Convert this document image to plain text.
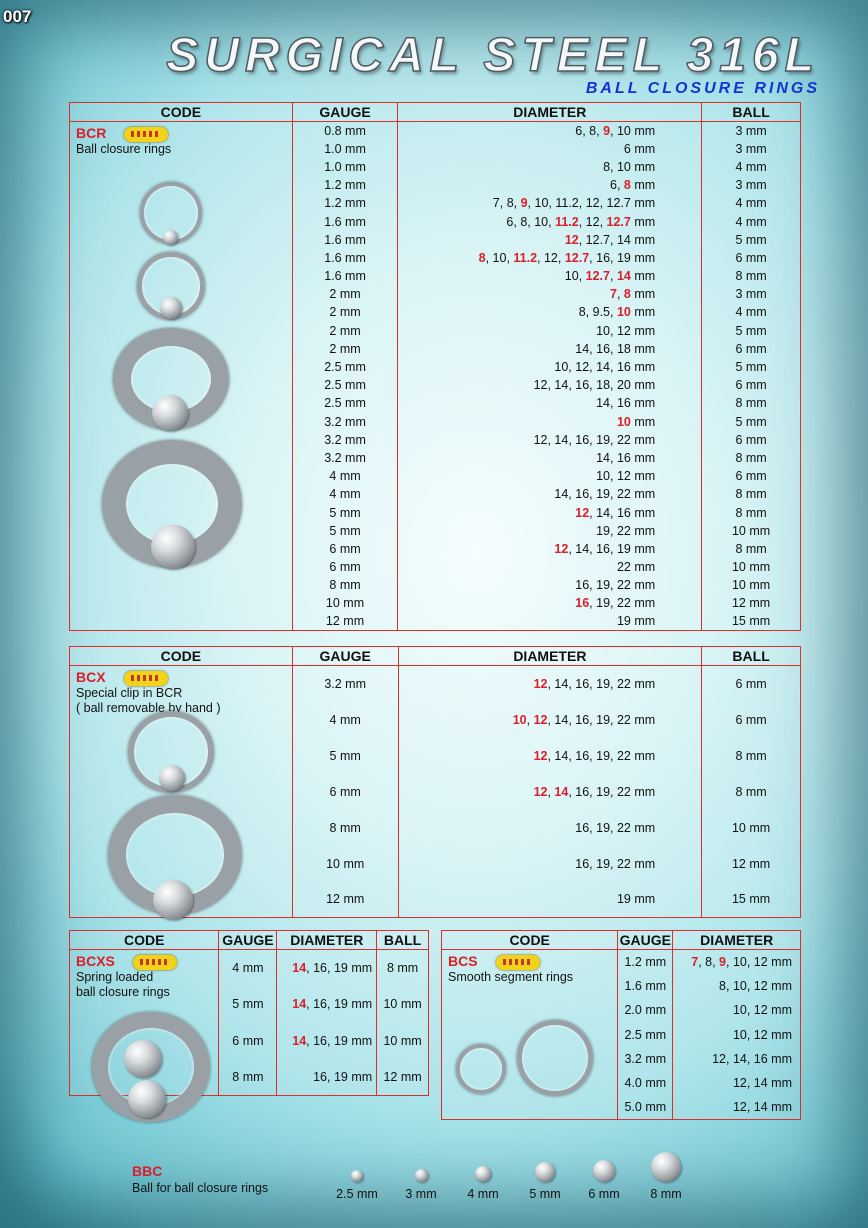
007
SURGICAL STEEL 316L
BALL CLOSURE RINGS
CODE	GAUGE	DIAMETER	BALL
BCR
Ball closure rings	0.8 mm	6, 8, 9, 10 mm	3 mm
	1.0 mm	6 mm	3 mm
	1.0 mm	8, 10 mm	4 mm
	1.2 mm	6, 8 mm	3 mm
	1.2 mm	7, 8, 9, 10, 11.2, 12, 12.7 mm	4 mm
	1.6 mm	6, 8, 10, 11.2, 12, 12.7 mm	4 mm
	1.6 mm	12, 12.7, 14 mm	5 mm
	1.6 mm	8, 10, 11.2, 12, 12.7, 16, 19 mm	6 mm
	1.6 mm	10, 12.7, 14 mm	8 mm
	2 mm	7, 8 mm	3 mm
	2 mm	8, 9.5, 10 mm	4 mm
	2 mm	10, 12 mm	5 mm
	2 mm	14, 16, 18 mm	6 mm
	2.5 mm	10, 12, 14, 16 mm	5 mm
	2.5 mm	12, 14, 16, 18, 20 mm	6 mm
	2.5 mm	14, 16 mm	8 mm
	3.2 mm	10 mm	5 mm
	3.2 mm	12, 14, 16, 19, 22 mm	6 mm
	3.2 mm	14, 16 mm	8 mm
	4 mm	10, 12 mm	6 mm
	4 mm	14, 16, 19, 22 mm	8 mm
	5 mm	12, 14, 16 mm	8 mm
	5 mm	19, 22 mm	10 mm
	6 mm	12, 14, 16, 19 mm	8 mm
	6 mm	22 mm	10 mm
	8 mm	16, 19, 22 mm	10 mm
	10 mm	16, 19, 22 mm	12 mm
	12 mm	19 mm	15 mm
CODE	GAUGE	DIAMETER	BALL
BCX
Special clip in BCR
( ball removable by hand )	3.2 mm	12, 14, 16, 19, 22 mm	6 mm
	4 mm	10, 12, 14, 16, 19, 22 mm	6 mm
	5 mm	12, 14, 16, 19, 22 mm	8 mm
	6 mm	12, 14, 16, 19, 22 mm	8 mm
	8 mm	16, 19, 22 mm	10 mm
	10 mm	16, 19, 22 mm	12 mm
	12 mm	19 mm	15 mm
CODE	GAUGE	DIAMETER	BALL
BCXS
Spring loaded
ball closure rings	4 mm	14, 16, 19 mm	8 mm
	5 mm	14, 16, 19 mm	10 mm
	6 mm	14, 16, 19 mm	10 mm
	8 mm	16, 19 mm	12 mm
CODE	GAUGE	DIAMETER
BCS
Smooth segment rings	1.2 mm	7, 8, 9, 10, 12 mm
	1.6 mm	8, 10, 12 mm
	2.0 mm	10, 12 mm
	2.5 mm	10, 12 mm
	3.2 mm	12, 14, 16 mm
	4.0 mm	12, 14 mm
	5.0 mm	12, 14 mm
BBC
Ball for ball closure rings	2.5 mm	3 mm	4 mm	5 mm	6 mm	8 mm
